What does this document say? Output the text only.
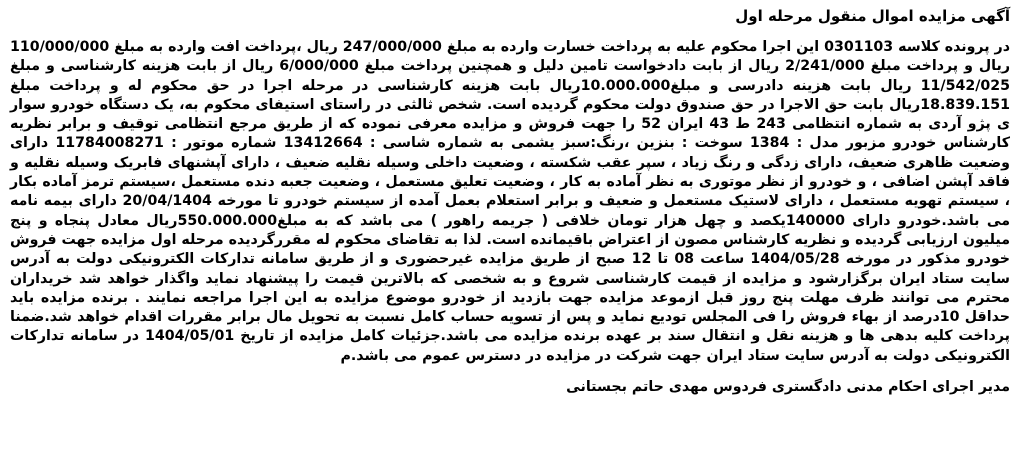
آگهی مزایده اموال منقول مرحله اول

در پرونده کلاسه 0301103 این اجرا محکوم علیه به پرداخت خسارت وارده به مبلغ 247/000/000 ریال ،پرداخت افت وارده به مبلغ 110/000/000 ریال و پرداخت مبلغ 2/241/000 ریال از بابت دادخواست تامین دلیل و همچنین پرداخت مبلغ 6/000/000 ریال از بابت هزینه کارشناسی و مبلغ 11/542/025 ریال بابت هزینه دادرسی و مبلغ10.000.000ریال بابت هزینه کارشناسی در مرحله اجرا در حق محکوم له و پرداخت مبلغ 18.839.151ریال بابت حق الاجرا در حق صندوق دولت محکوم گردیده است. شخص ثالثی در راستای استیفای محکوم به، یک دستگاه خودرو سوار ی پژو آردی به شماره انتظامی 243 ط 43 ایران 52 را جهت فروش و مزایده معرفی نموده که از طریق مرجع انتظامی توقیف و برابر نظریه کارشناس خودرو مزبور مدل : 1384 سوخت : بنزین ،رنگ:سبز یشمی به شماره شاسی : 13412664 شماره موتور : 11784008271 دارای وضعیت ظاهری ضعیف، دارای زدگی و رنگ زیاد ، سپر عقب شکسته ، وضعیت داخلی وسیله نقلیه ضعیف ، دارای آپشنهای فابریک وسیله نقلیه و فاقد آپشن اضافی ، و خودرو از نظر موتوری به نظر آماده به کار ، وضعیت تعلیق مستعمل ، وضعیت جعبه دنده مستعمل ،سیستم ترمز آماده بکار ، سیستم تهویه مستعمل ، دارای لاستیک مستعمل و ضعیف و برابر استعلام بعمل آمده از سیستم خودرو تا مورخه 20/04/1404 دارای بیمه نامه می باشد.خودرو دارای 140000یکصد و چهل هزار تومان خلافی ( جریمه راهور ) می باشد که به مبلغ550.000.000ریال معادل پنجاه و پنج میلیون ارزیابی گردیده و نظریه کارشناس مصون از اعتراض باقیمانده است. لذا به تقاضای محکوم له مقررگردیده مرحله اول مزایده جهت فروش خودرو مذکور در مورخه 1404/05/28 ساعت 08 تا 12 صبح از طریق مزایده غیرحضوری و از طریق سامانه تدارکات الکترونیکی دولت به آدرس سایت ستاد ایران برگزارشود و مزایده از قیمت کارشناسی شروع و به شخصی که بالاترین قیمت را پیشنهاد نماید واگذار خواهد شد خریداران محترم می توانند ظرف مهلت پنج روز قبل ازموعد مزایده جهت بازدید از خودرو موضوع مزایده به این اجرا مراجعه نمایند . برنده مزایده باید حداقل 10درصد از بهاء فروش را فی المجلس تودیع نماید و پس از تسویه حساب کامل نسبت به تحویل مال برابر مقررات اقدام خواهد شد.ضمنا پرداخت کلیه بدهی ها و هزینه نقل و انتقال سند بر عهده برنده مزایده می باشد.جزئیات کامل مزایده از تاریخ 1404/05/01 در سامانه تدارکات الکترونیکی دولت به آدرس سایت ستاد ایران جهت شرکت در مزایده در دسترس عموم می باشد.م

مدیر اجرای احکام مدنی دادگستری فردوس مهدی حاتم بجستانی
